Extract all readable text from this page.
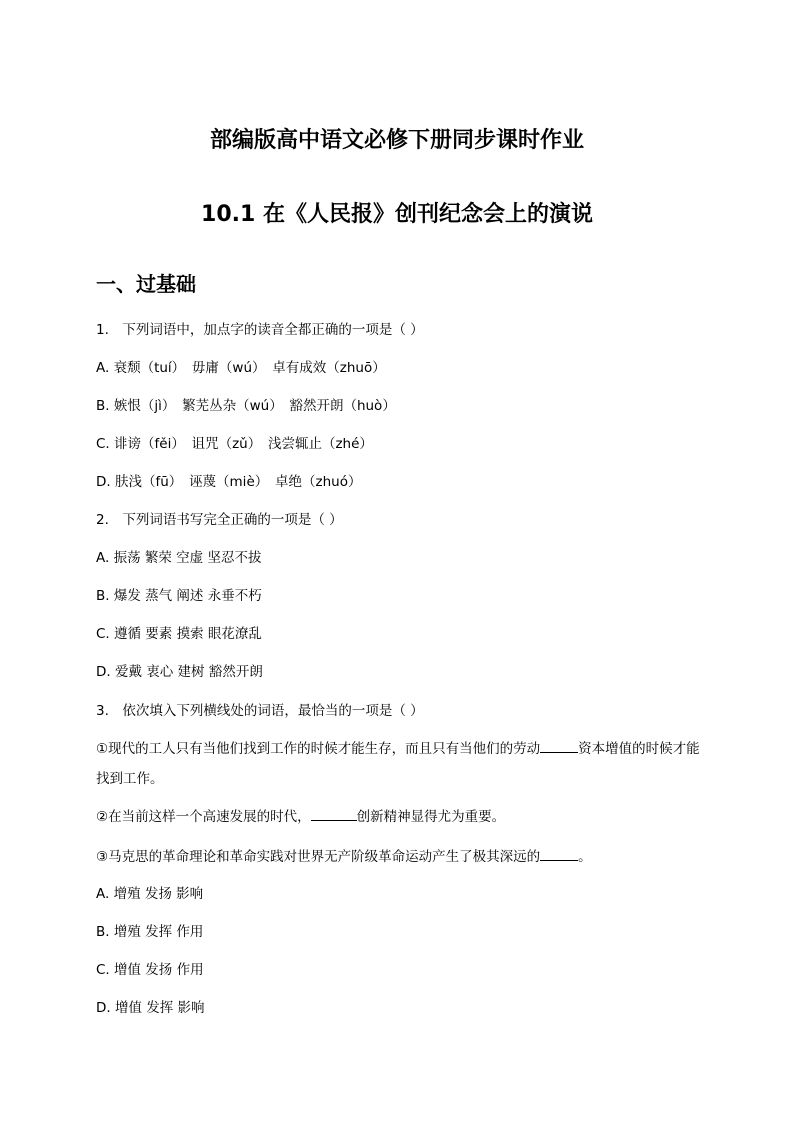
部编版高中语文必修下册同步课时作业
10.1 在《人民报》创刊纪念会上的演说
一、过基础
1.　下列词语中，加点字的读音全都正确的一项是（ ）
A. 衰颓（tuí）　毋庸（wú）　卓有成效（zhuō）
B. 嫉恨（jì）　繁芜丛杂（wú）　豁然开朗（huò）
C. 诽谤（fěi）　诅咒（zǔ）　浅尝辄止（zhé）
D. 肤浅（fū）　诬蔑（miè）　卓绝（zhuó）
2.　下列词语书写完全正确的一项是（ ）
A. 振荡 繁荣 空虚 坚忍不拔
B. 爆发 蒸气 阐述 永垂不朽
C. 遵循 要素 摸索 眼花潦乱
D. 爱戴 衷心 建树 豁然开朗
3.　依次填入下列横线处的词语，最恰当的一项是（ ）
①现代的工人只有当他们找到工作的时候才能生存，而且只有当他们的劳动	资本增值的时候才能找到工作。
②在当前这样一个高速发展的时代，	创新精神显得尤为重要。
③马克思的革命理论和革命实践对世界无产阶级革命运动产生了极其深远的	。
A. 增殖 发扬 影响
B. 增殖 发挥 作用
C. 增值 发扬 作用
D. 增值 发挥 影响
